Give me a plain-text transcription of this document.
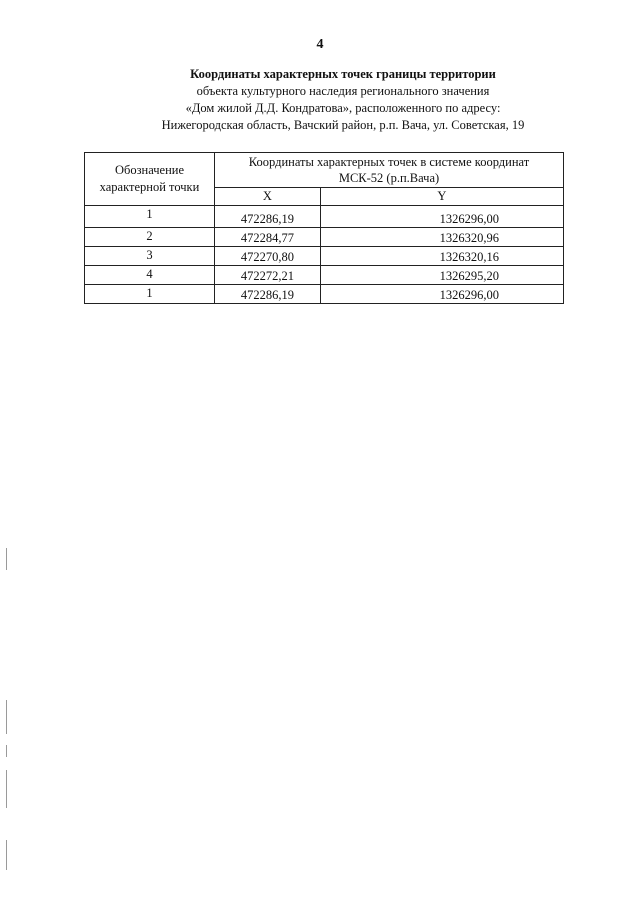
4
Координаты характерных точек границы территории
объекта культурного наследия регионального значения
«Дом жилой Д.Д. Кондратова», расположенного по адресу:
Нижегородская область, Вачский район, р.п. Вача, ул. Советская, 19
Обозначение
характерной точки	Координаты характерных точек в системе координат
МСК-52 (р.п.Вача)	
	X	Y
1	472286,19	1326296,00
2	472284,77	1326320,96
3	472270,80	1326320,16
4	472272,21	1326295,20
1	472286,19	1326296,00
